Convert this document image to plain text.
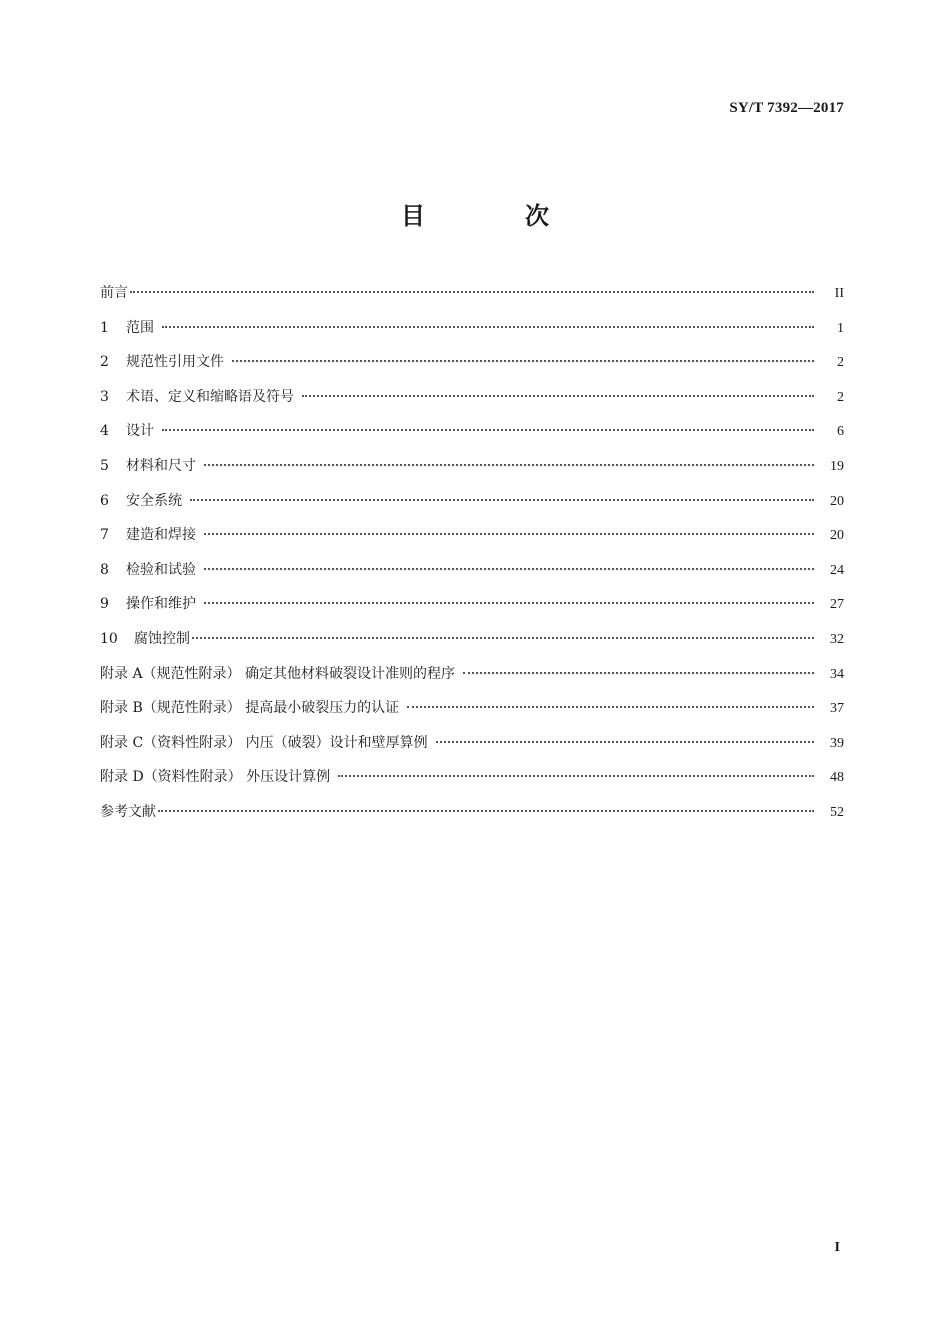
SY/T 7392—2017
目　次
前言	II
1	范围	1
2	规范性引用文件	2
3	术语、定义和缩略语及符号	2
4	设计	6
5	材料和尺寸	19
6	安全系统	20
7	建造和焊接	20
8	检验和试验	24
9	操作和维护	27
10	腐蚀控制	32
附录 A（规范性附录） 确定其他材料破裂设计准则的程序	34
附录 B（规范性附录） 提高最小破裂压力的认证	37
附录 C（资料性附录） 内压（破裂）设计和壁厚算例	39
附录 D（资料性附录） 外压设计算例	48
参考文献	52
I
